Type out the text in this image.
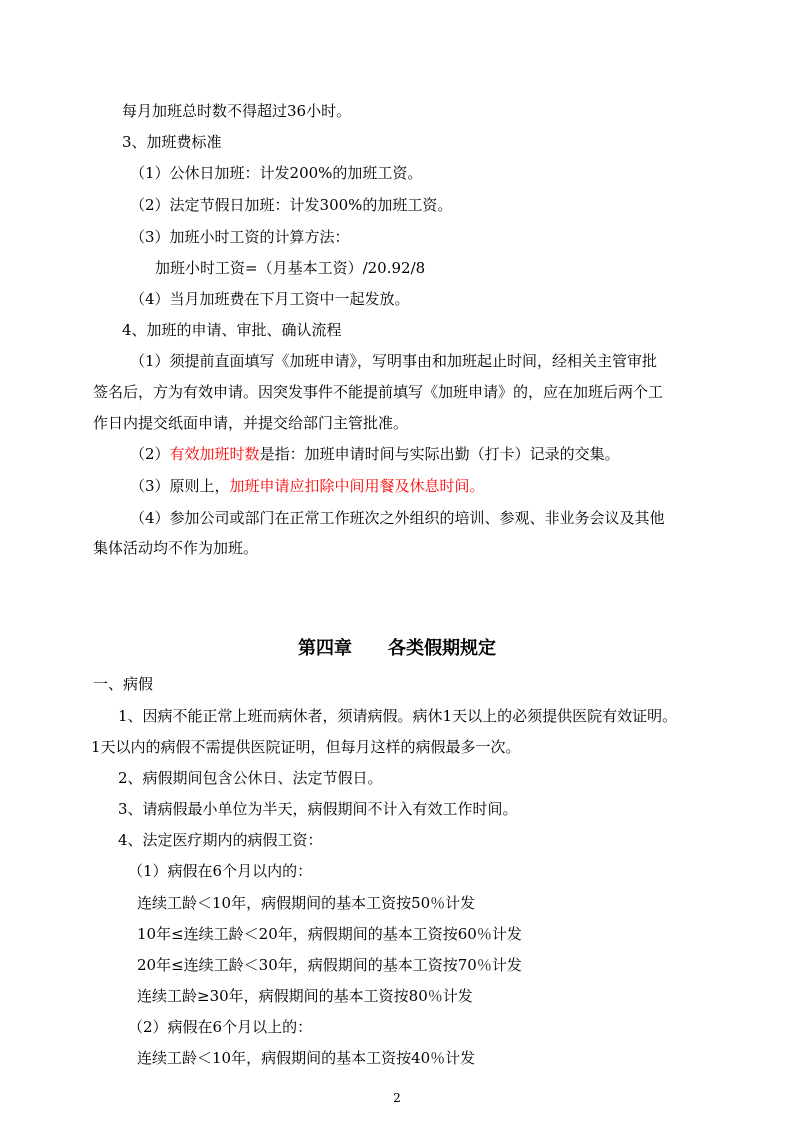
每月加班总时数不得超过36小时。
3、加班费标准
（1）公休日加班：计发200%的加班工资。
（2）法定节假日加班：计发300%的加班工资。
（3）加班小时工资的计算方法：
加班小时工资=（月基本工资）/20.92/8
（4）当月加班费在下月工资中一起发放。
4、加班的申请、审批、确认流程
（1）须提前直面填写《加班申请》，写明事由和加班起止时间，经相关主管审批
签名后，方为有效申请。因突发事件不能提前填写《加班申请》的，应在加班后两个工
作日内提交纸面申请，并提交给部门主管批准。
（2）有效加班时数是指：加班申请时间与实际出勤（打卡）记录的交集。
（3）原则上，加班申请应扣除中间用餐及休息时间。
（4）参加公司或部门在正常工作班次之外组织的培训、参观、非业务会议及其他
集体活动均不作为加班。
第四章　　各类假期规定
一、病假
1、因病不能正常上班而病休者，须请病假。病休1天以上的必须提供医院有效证明。
1天以内的病假不需提供医院证明，但每月这样的病假最多一次。
2、病假期间包含公休日、法定节假日。
3、请病假最小单位为半天，病假期间不计入有效工作时间。
4、法定医疗期内的病假工资：
（1）病假在6个月以内的：
连续工龄＜10年，病假期间的基本工资按50％计发
10年≤连续工龄＜20年，病假期间的基本工资按60％计发
20年≤连续工龄＜30年，病假期间的基本工资按70％计发
连续工龄≥30年，病假期间的基本工资按80％计发
（2）病假在6个月以上的：
连续工龄＜10年，病假期间的基本工资按40％计发
2
